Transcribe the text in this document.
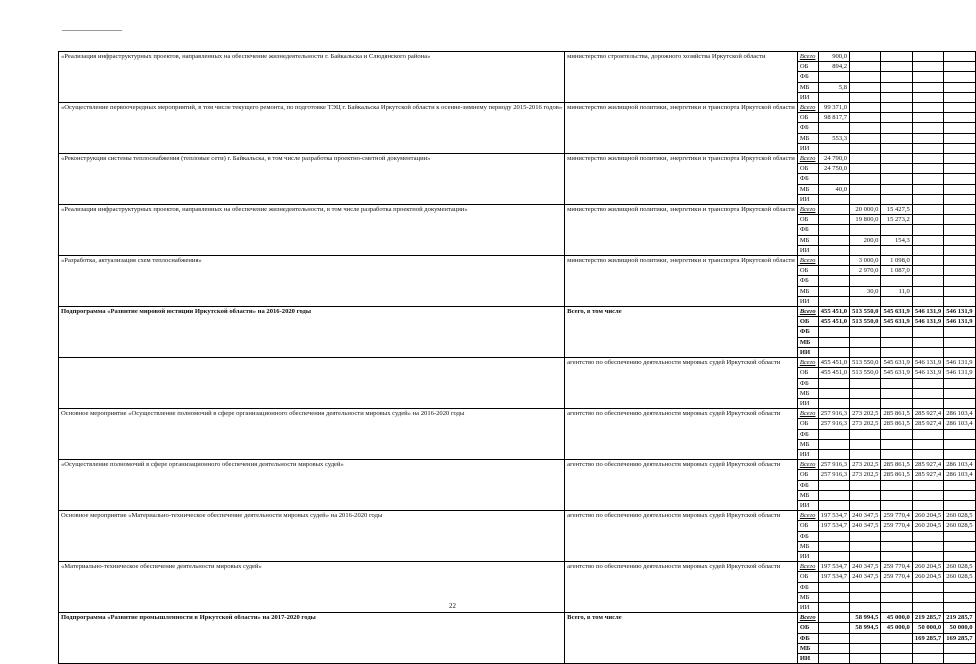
«Реализация инфраструктурных проектов, направленных на обеспечение жизнедеятельности г. Байкальска и Слюдянского района»	министерство строительства, дорожного хозяйства Иркутской области	Всего	900,0				
		ОБ	894,2				
		ФБ					
		МБ	5,8				
		ИИ					
«Осуществление первоочередных мероприятий, в том числе текущего ремонта, по подготовке ТЭЦ г. Байкальска Иркутской области к осенне-зимнему периоду 2015-2016 годов»	министерство жилищной политики, энергетики и транспорта Иркутской области	Всего	99 371,0				
		ОБ	98 817,7				
		ФБ					
		МБ	553,3				
		ИИ					
«Реконструкция системы теплоснабжения (тепловые сети) г. Байкальска, в том числе разработка проектно-сметной документации»	министерство жилищной политики, энергетики и транспорта Иркутской области	Всего	24 790,0				
		ОБ	24 750,0				
		ФБ					
		МБ	40,0				
		ИИ					
«Реализация инфраструктурных проектов, направленных на обеспечение жизнедеятельности, в том числе разработка проектной документации»	министерство жилищной политики, энергетики и транспорта Иркутской области	Всего		20 000,0	15 427,5		
		ОБ		19 800,0	15 273,2		
		ФБ					
		МБ		200,0	154,3		
		ИИ					
«Разработка, актуализация схем теплоснабжения»	министерство жилищной политики, энергетики и транспорта Иркутской области	Всего		3 000,0	1 098,0		
		ОБ		2 970,0	1 087,0		
		ФБ					
		МБ		30,0	11,0		
		ИИ					
Подпрограмма «Развитие мировой юстиции Иркутской области» на 2016-2020 годы	Всего, в том числе	Всего	455 451,0	513 550,0	545 631,9	546 131,9	546 131,9
		ОБ	455 451,0	513 550,0	545 631,9	546 131,9	546 131,9
		ФБ					
		МБ					
		ИИ					
	агентство по обеспечению деятельности мировых судей Иркутской области	Всего	455 451,0	513 550,0	545 631,9	546 131,9	546 131,9
		ОБ	455 451,0	513 550,0	545 631,9	546 131,9	546 131,9
		ФБ					
		МБ					
		ИИ					
Основное мероприятие «Осуществление полномочий в сфере организационного обеспечения деятельности мировых судей» на 2016-2020 годы	агентство по обеспечению деятельности мировых судей Иркутской области	Всего	257 916,3	273 202,5	285 861,5	285 927,4	286 103,4
		ОБ	257 916,3	273 202,5	285 861,5	285 927,4	286 103,4
		ФБ					
		МБ					
		ИИ					
«Осуществление полномочий в сфере организационного обеспечения деятельности мировых судей»	агентство по обеспечению деятельности мировых судей Иркутской области	Всего	257 916,3	273 202,5	285 861,5	285 927,4	286 103,4
		ОБ	257 916,3	273 202,5	285 861,5	285 927,4	286 103,4
		ФБ					
		МБ					
		ИИ					
Основное мероприятие «Материально-техническое обеспечение деятельности мировых судей» на 2016-2020 годы	агентство по обеспечению деятельности мировых судей Иркутской области	Всего	197 534,7	240 347,5	259 770,4	260 204,5	260 028,5
		ОБ	197 534,7	240 347,5	259 770,4	260 204,5	260 028,5
		ФБ					
		МБ					
		ИИ					
«Материально-техническое обеспечение деятельности мировых судей»	агентство по обеспечению деятельности мировых судей Иркутской области	Всего	197 534,7	240 347,5	259 770,4	260 204,5	260 028,5
		ОБ	197 534,7	240 347,5	259 770,4	260 204,5	260 028,5
		ФБ					
		МБ					
		ИИ					
Подпрограмма «Развитие промышленности в Иркутской области» на 2017-2020 годы	Всего, в том числе	Всего		58 994,5	45 000,0	219 285,7	219 285,7
		ОБ		58 994,5	45 000,0	50 000,0	50 000,0
		ФБ				169 285,7	169 285,7
		МБ					
		ИИ					
22
